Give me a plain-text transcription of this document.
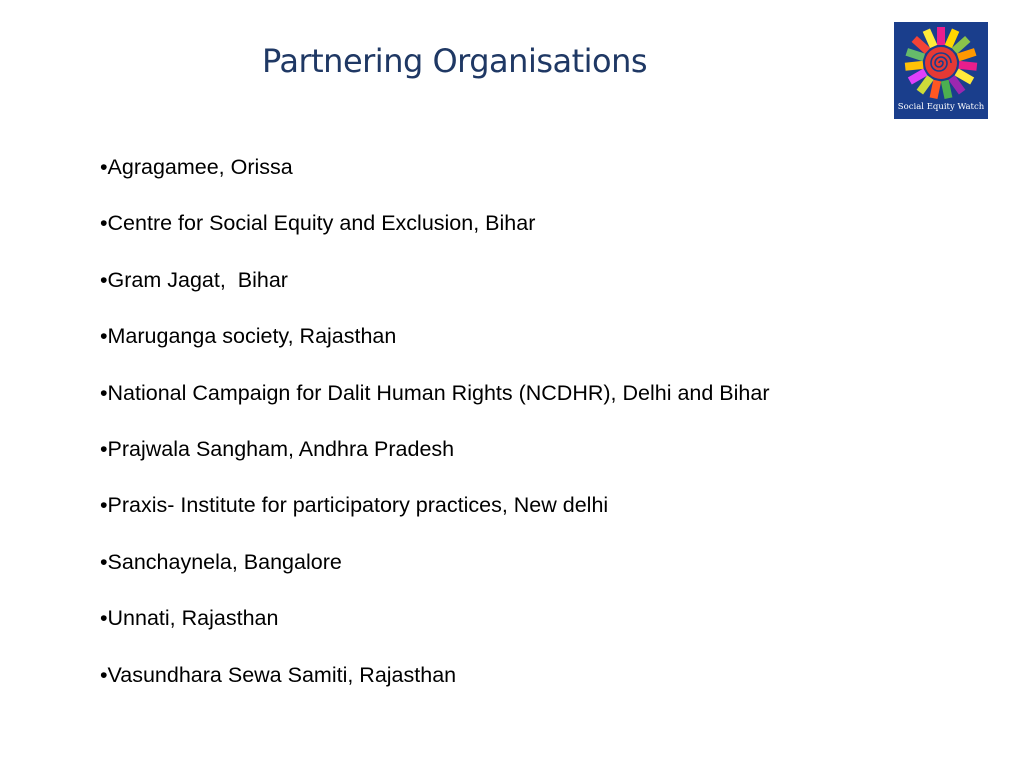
Partnering Organisations
Social Equity Watch
•Agragamee, Orissa
•Centre for Social Equity and Exclusion, Bihar
•Gram Jagat,  Bihar
•Maruganga society, Rajasthan
•National Campaign for Dalit Human Rights (NCDHR), Delhi and Bihar
•Prajwala Sangham, Andhra Pradesh
•Praxis- Institute for participatory practices, New delhi
•Sanchaynela, Bangalore
•Unnati, Rajasthan
•Vasundhara Sewa Samiti, Rajasthan
